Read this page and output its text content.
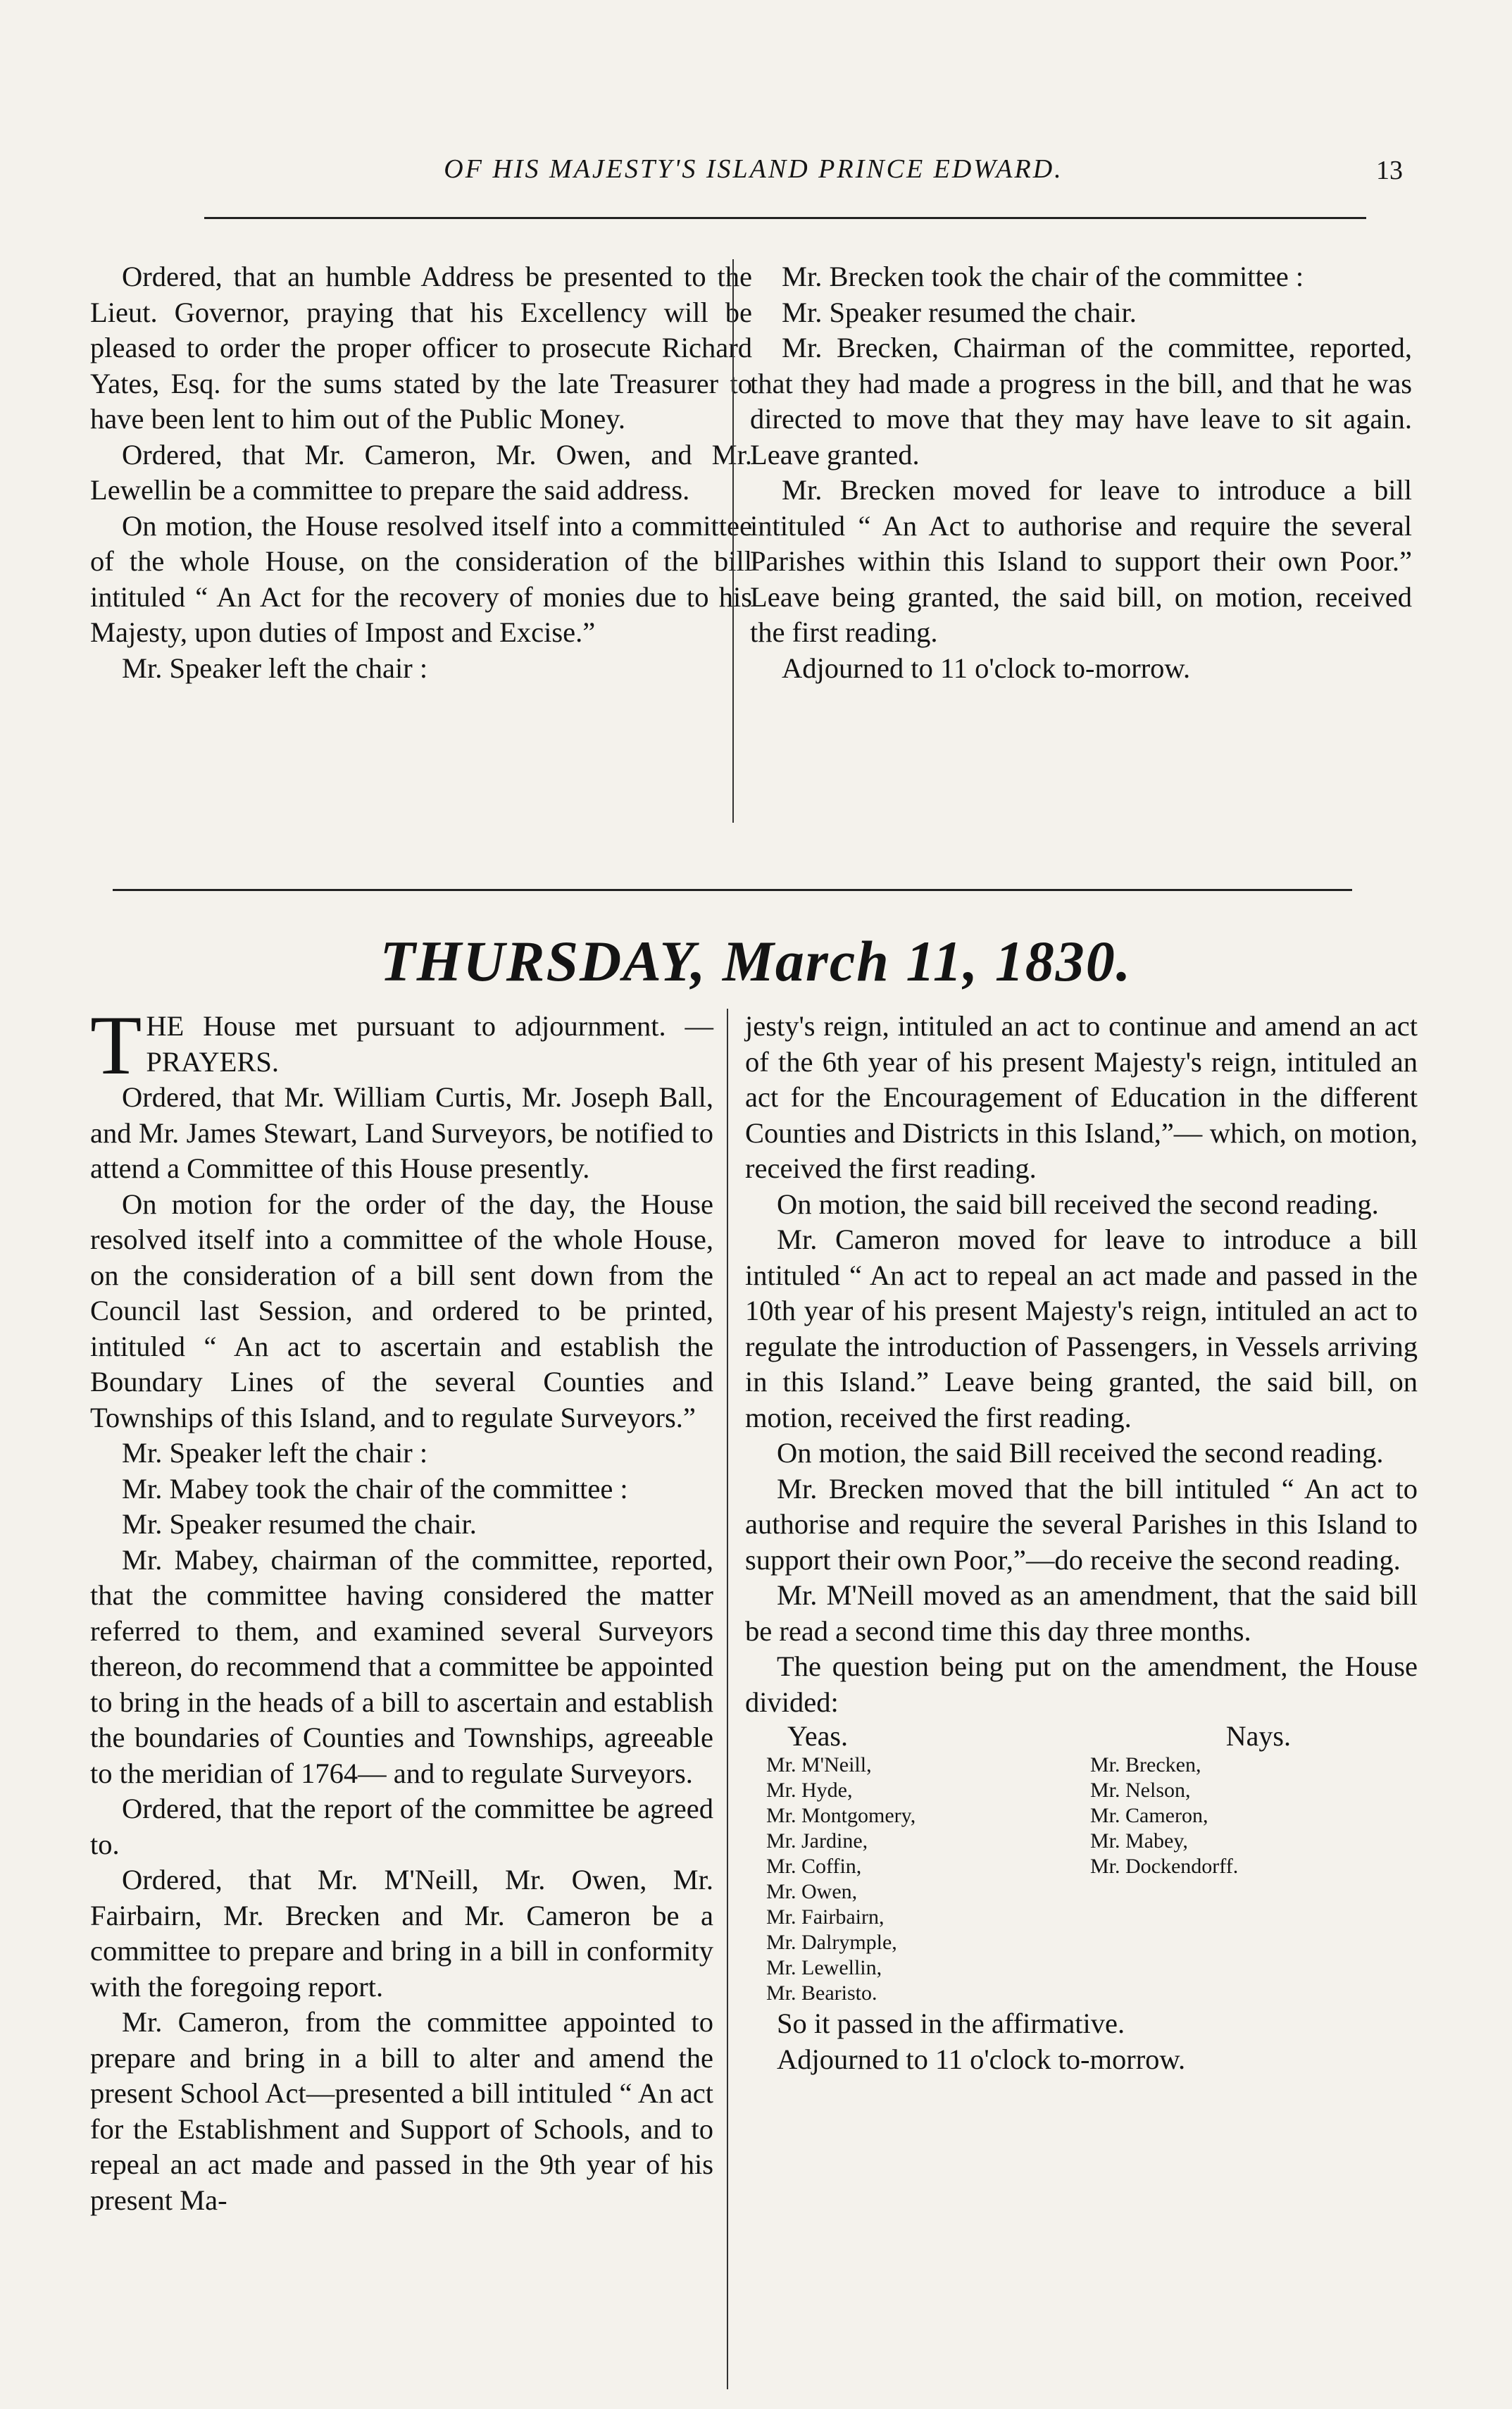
OF HIS MAJESTY'S ISLAND PRINCE EDWARD.	13

Ordered, that an humble Address be presented to the Lieut. Governor, praying that his Excellency will be pleased to order the proper officer to prosecute Richard Yates, Esq. for the sums stated by the late Treasurer to have been lent to him out of the Public Money.

Ordered, that Mr. Cameron, Mr. Owen, and Mr. Lewellin be a committee to prepare the said address.

On motion, the House resolved itself into a committee of the whole House, on the consideration of the bill intituled “ An Act for the recovery of monies due to his Majesty, upon duties of Impost and Excise.”

Mr. Speaker left the chair :

Mr. Brecken took the chair of the committee :

Mr. Speaker resumed the chair.

Mr. Brecken, Chairman of the committee, reported, that they had made a progress in the bill, and that he was directed to move that they may have leave to sit again. Leave granted.

Mr. Brecken moved for leave to introduce a bill intituled “ An Act to authorise and require the several Parishes within this Island to support their own Poor.” Leave being granted, the said bill, on motion, received the first reading.

Adjourned to 11 o'clock to-morrow.

THURSDAY, March 11, 1830.

THE House met pursuant to adjournment. —PRAYERS.

Ordered, that Mr. William Curtis, Mr. Joseph Ball, and Mr. James Stewart, Land Surveyors, be notified to attend a Committee of this House presently.

On motion for the order of the day, the House resolved itself into a committee of the whole House, on the consideration of a bill sent down from the Council last Session, and ordered to be printed, intituled “ An act to ascertain and establish the Boundary Lines of the several Counties and Townships of this Island, and to regulate Surveyors.”

Mr. Speaker left the chair :

Mr. Mabey took the chair of the committee :

Mr. Speaker resumed the chair.

Mr. Mabey, chairman of the committee, reported, that the committee having considered the matter referred to them, and examined several Surveyors thereon, do recommend that a committee be appointed to bring in the heads of a bill to ascertain and establish the boundaries of Counties and Townships, agreeable to the meridian of 1764— and to regulate Surveyors.

Ordered, that the report of the committee be agreed to.

Ordered, that Mr. M'Neill, Mr. Owen, Mr. Fairbairn, Mr. Brecken and Mr. Cameron be a committee to prepare and bring in a bill in conformity with the foregoing report.

Mr. Cameron, from the committee appointed to prepare and bring in a bill to alter and amend the present School Act—presented a bill intituled “ An act for the Establishment and Support of Schools, and to repeal an act made and passed in the 9th year of his present Ma-

jesty's reign, intituled an act to continue and amend an act of the 6th year of his present Majesty's reign, intituled an act for the Encouragement of Education in the different Counties and Districts in this Island,”— which, on motion, received the first reading.

On motion, the said bill received the second reading.

Mr. Cameron moved for leave to introduce a bill intituled “ An act to repeal an act made and passed in the 10th year of his present Majesty's reign, intituled an act to regulate the introduction of Passengers, in Vessels arriving in this Island.” Leave being granted, the said bill, on motion, received the first reading.

On motion, the said Bill received the second reading.

Mr. Brecken moved that the bill intituled “ An act to authorise and require the several Parishes in this Island to support their own Poor,”—do receive the second reading.

Mr. M'Neill moved as an amendment, that the said bill be read a second time this day three months.

The question being put on the amendment, the House divided:

Yeas.	Nays.
Mr. M'Neill,
Mr. Hyde,
Mr. Montgomery,
Mr. Jardine,
Mr. Coffin,
Mr. Owen,
Mr. Fairbairn,
Mr. Dalrymple,
Mr. Lewellin,
Mr. Bearisto.
Mr. Brecken,
Mr. Nelson,
Mr. Cameron,
Mr. Mabey,
Mr. Dockendorff.

So it passed in the affirmative.

Adjourned to 11 o'clock to-morrow.
